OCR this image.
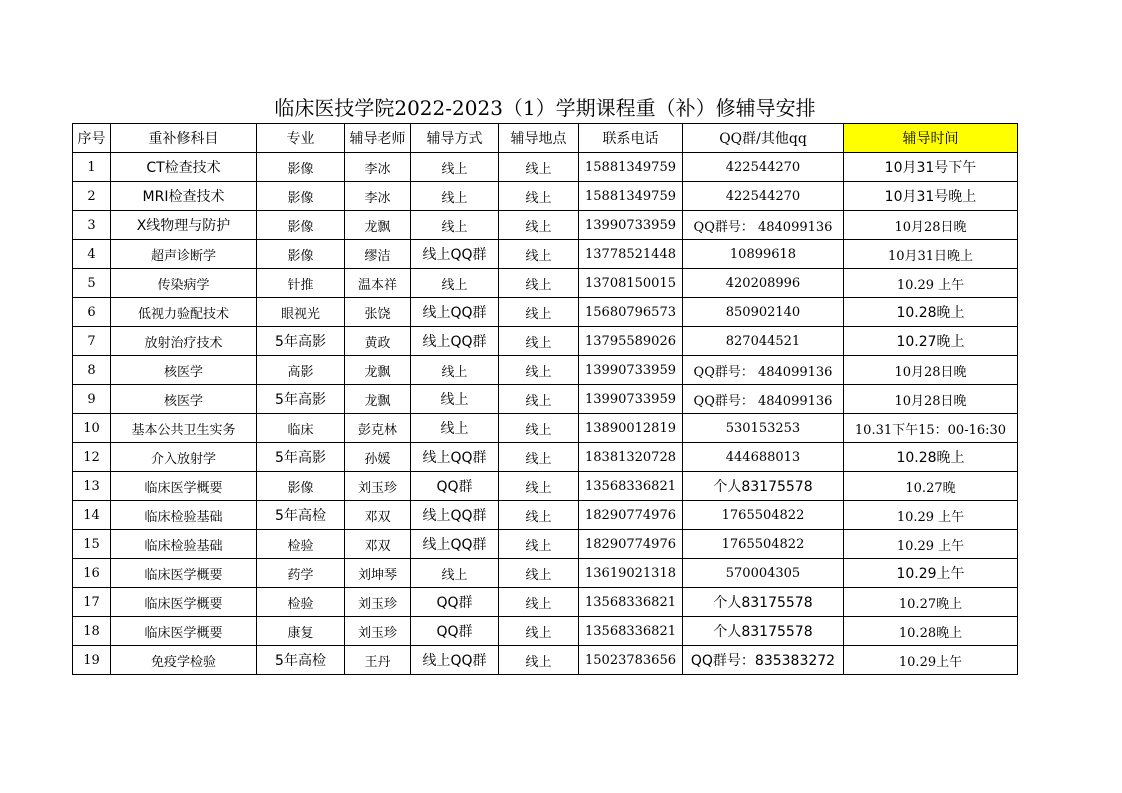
临床医技学院2022-2023（1）学期课程重（补）修辅导安排
序号	重补修科目	专业	辅导老师	辅导方式	辅导地点	联系电话	QQ群/其他qq	辅导时间
1	CT检查技术	影像	李冰	线上	线上	15881349759	422544270	10月31号下午
2	MRI检查技术	影像	李冰	线上	线上	15881349759	422544270	10月31号晚上
3	X线物理与防护	影像	龙飘	线上	线上	13990733959	QQ群号： 484099136	10月28日晚
4	超声诊断学	影像	缪洁	线上QQ群	线上	13778521448	10899618	10月31日晚上
5	传染病学	针推	温本祥	线上	线上	13708150015	420208996	10.29 上午
6	低视力验配技术	眼视光	张饶	线上QQ群	线上	15680796573	850902140	10.28晚上
7	放射治疗技术	5年高影	黄政	线上QQ群	线上	13795589026	827044521	10.27晚上
8	核医学	高影	龙飘	线上	线上	13990733959	QQ群号： 484099136	10月28日晚
9	核医学	5年高影	龙飘	线上	线上	13990733959	QQ群号： 484099136	10月28日晚
10	基本公共卫生实务	临床	彭克林	线上	线上	13890012819	530153253	10.31下午15：00-16:30
12	介入放射学	5年高影	孙媛	线上QQ群	线上	18381320728	444688013	10.28晚上
13	临床医学概要	影像	刘玉珍	QQ群	线上	13568336821	个人83175578	10.27晚
14	临床检验基础	5年高检	邓双	线上QQ群	线上	18290774976	1765504822	10.29 上午
15	临床检验基础	检验	邓双	线上QQ群	线上	18290774976	1765504822	10.29 上午
16	临床医学概要	药学	刘坤琴	线上	线上	13619021318	570004305	10.29上午
17	临床医学概要	检验	刘玉珍	QQ群	线上	13568336821	个人83175578	10.27晚上
18	临床医学概要	康复	刘玉珍	QQ群	线上	13568336821	个人83175578	10.28晚上
19	免疫学检验	5年高检	王丹	线上QQ群	线上	15023783656	QQ群号：835383272	10.29上午
